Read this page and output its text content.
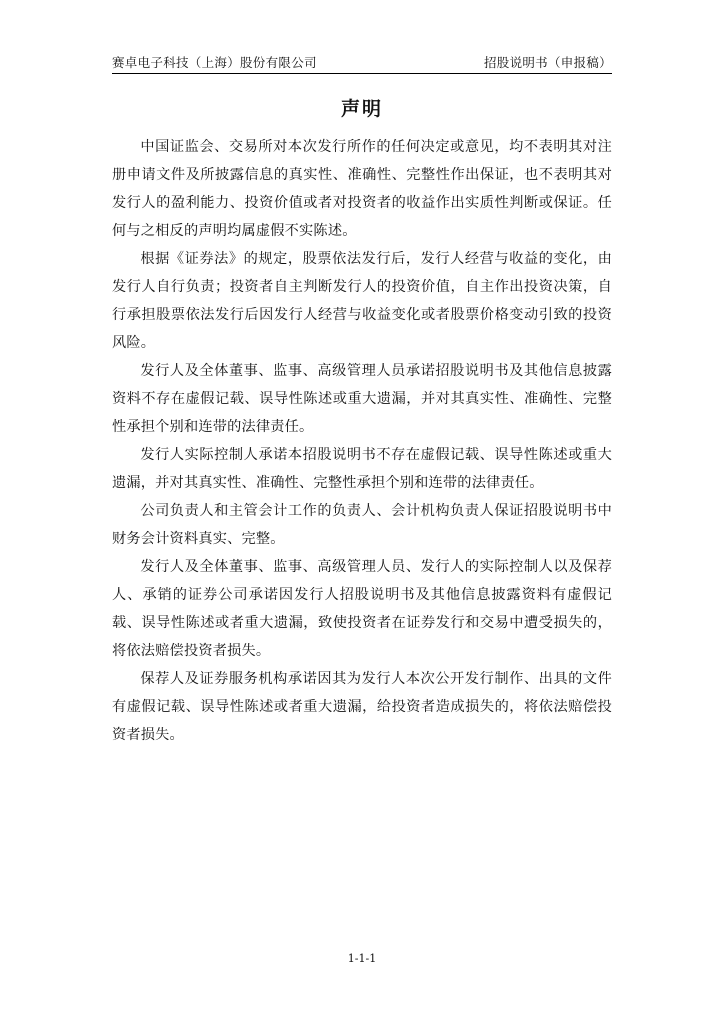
赛卓电子科技（上海）股份有限公司	招股说明书（申报稿）
声明

中国证监会、交易所对本次发行所作的任何决定或意见，均不表明其对注册申请文件及所披露信息的真实性、准确性、完整性作出保证，也不表明其对发行人的盈利能力、投资价值或者对投资者的收益作出实质性判断或保证。任何与之相反的声明均属虚假不实陈述。

根据《证券法》的规定，股票依法发行后，发行人经营与收益的变化，由发行人自行负责；投资者自主判断发行人的投资价值，自主作出投资决策，自行承担股票依法发行后因发行人经营与收益变化或者股票价格变动引致的投资风险。

发行人及全体董事、监事、高级管理人员承诺招股说明书及其他信息披露资料不存在虚假记载、误导性陈述或重大遗漏，并对其真实性、准确性、完整性承担个别和连带的法律责任。

发行人实际控制人承诺本招股说明书不存在虚假记载、误导性陈述或重大遗漏，并对其真实性、准确性、完整性承担个别和连带的法律责任。

公司负责人和主管会计工作的负责人、会计机构负责人保证招股说明书中财务会计资料真实、完整。

发行人及全体董事、监事、高级管理人员、发行人的实际控制人以及保荐人、承销的证券公司承诺因发行人招股说明书及其他信息披露资料有虚假记载、误导性陈述或者重大遗漏，致使投资者在证券发行和交易中遭受损失的，将依法赔偿投资者损失。

保荐人及证券服务机构承诺因其为发行人本次公开发行制作、出具的文件有虚假记载、误导性陈述或者重大遗漏，给投资者造成损失的，将依法赔偿投资者损失。

1-1-1
